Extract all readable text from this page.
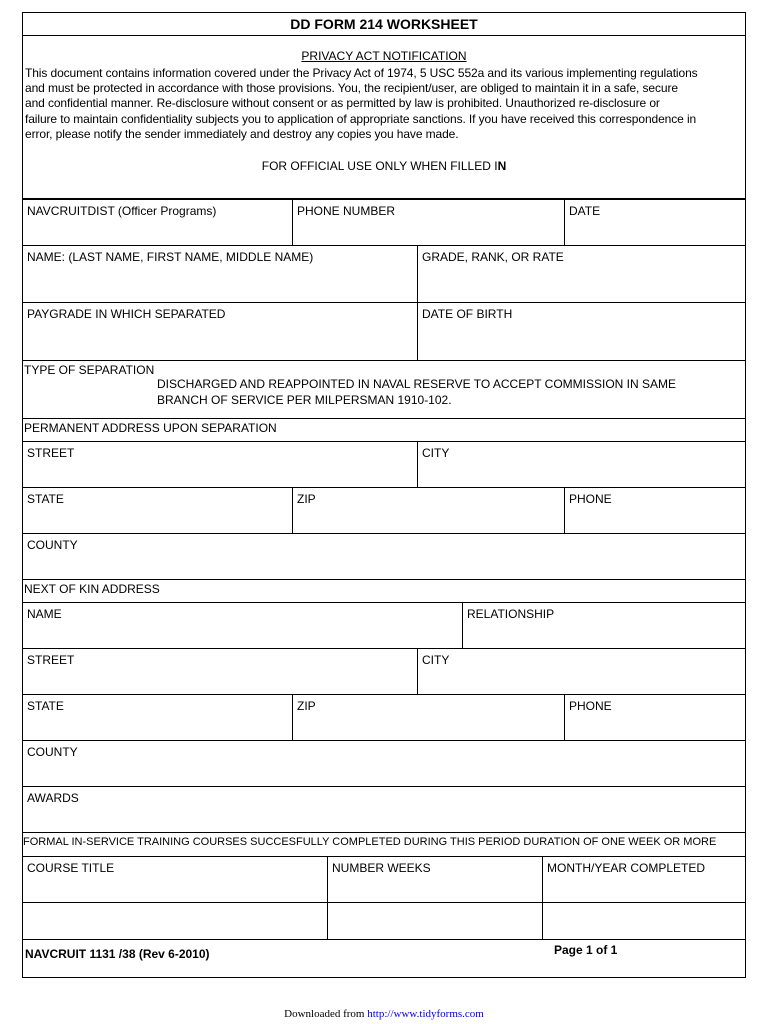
DD FORM 214 WORKSHEET
PRIVACY ACT NOTIFICATION
This document contains information covered under the Privacy Act of 1974, 5 USC 552a and its various implementing regulations
and must be protected in accordance with those provisions. You, the recipient/user, are obliged to maintain it in a safe, secure
and confidential manner. Re-disclosure without consent or as permitted by law is prohibited. Unauthorized re-disclosure or
failure to maintain confidentiality subjects you to application of appropriate sanctions. If you have received this correspondence in
error, please notify the sender immediately and destroy any copies you have made.
FOR OFFICIAL USE ONLY WHEN FILLED IN
NAVCRUITDIST (Officer Programs)	PHONE NUMBER	DATE
NAME: (LAST NAME, FIRST NAME, MIDDLE NAME)	GRADE, RANK, OR RATE
PAYGRADE IN WHICH SEPARATED	DATE OF BIRTH
TYPE OF SEPARATION
DISCHARGED AND REAPPOINTED IN NAVAL RESERVE TO ACCEPT COMMISSION IN SAME
BRANCH OF SERVICE PER MILPERSMAN 1910-102.
PERMANENT ADDRESS UPON SEPARATION
STREET	CITY
STATE	ZIP	PHONE
COUNTY
NEXT OF KIN ADDRESS
NAME	RELATIONSHIP
STREET	CITY
STATE	ZIP	PHONE
COUNTY
AWARDS
FORMAL IN-SERVICE TRAINING COURSES SUCCESFULLY COMPLETED DURING THIS PERIOD DURATION OF ONE WEEK OR MORE
COURSE TITLE	NUMBER WEEKS	MONTH/YEAR COMPLETED
NAVCRUIT 1131 /38 (Rev 6-2010)	Page 1 of 1
Downloaded from http://www.tidyforms.com
